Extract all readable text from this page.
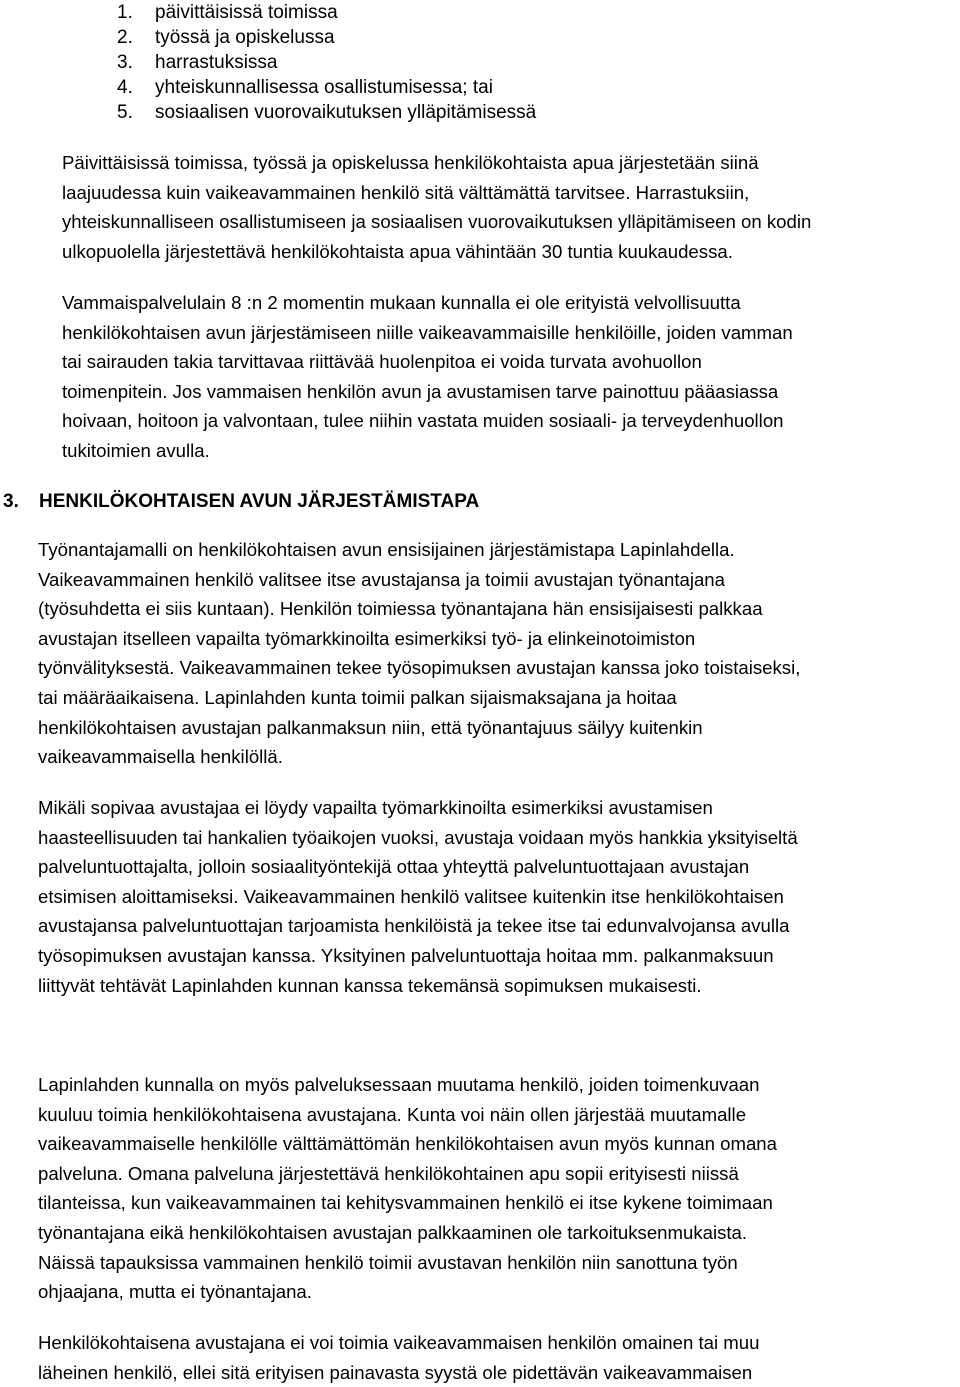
1. päivittäisissä toimissa
2. työssä ja opiskelussa
3. harrastuksissa
4. yhteiskunnallisessa osallistumisessa; tai
5. sosiaalisen vuorovaikutuksen ylläpitämisessä

Päivittäisissä toimissa, työssä ja opiskelussa henkilökohtaista apua järjestetään siinä
laajuudessa kuin vaikeavammainen henkilö sitä välttämättä tarvitsee. Harrastuksiin,
yhteiskunnalliseen osallistumiseen ja sosiaalisen vuorovaikutuksen ylläpitämiseen on kodin
ulkopuolella järjestettävä henkilökohtaista apua vähintään 30 tuntia kuukaudessa.

Vammaispalvelulain 8 :n 2 momentin mukaan kunnalla ei ole erityistä velvollisuutta
henkilökohtaisen avun järjestämiseen niille vaikeavammaisille henkilöille, joiden vamman
tai sairauden takia tarvittavaa riittävää huolenpitoa ei voida turvata avohuollon
toimenpitein. Jos vammaisen henkilön avun ja avustamisen tarve painottuu pääasiassa
hoivaan, hoitoon ja valvontaan, tulee niihin vastata muiden sosiaali- ja terveydenhuollon
tukitoimien avulla.

3. HENKILÖKOHTAISEN AVUN JÄRJESTÄMISTAPA

Työnantajamalli on henkilökohtaisen avun ensisijainen järjestämistapa Lapinlahdella.
Vaikeavammainen henkilö valitsee itse avustajansa ja toimii avustajan työnantajana
(työsuhdetta ei siis kuntaan). Henkilön toimiessa työnantajana hän ensisijaisesti palkkaa
avustajan itselleen vapailta työmarkkinoilta esimerkiksi työ- ja elinkeinotoimiston
työnvälityksestä. Vaikeavammainen tekee työsopimuksen avustajan kanssa joko toistaiseksi,
tai määräaikaisena. Lapinlahden kunta toimii palkan sijaismaksajana ja hoitaa
henkilökohtaisen avustajan palkanmaksun niin, että työnantajuus säilyy kuitenkin
vaikeavammaisella henkilöllä.

Mikäli sopivaa avustajaa ei löydy vapailta työmarkkinoilta esimerkiksi avustamisen
haasteellisuuden tai hankalien työaikojen vuoksi, avustaja voidaan myös hankkia yksityiseltä
palveluntuottajalta, jolloin sosiaalityöntekijä ottaa yhteyttä palveluntuottajaan avustajan
etsimisen aloittamiseksi. Vaikeavammainen henkilö valitsee kuitenkin itse henkilökohtaisen
avustajansa palveluntuottajan tarjoamista henkilöistä ja tekee itse tai edunvalvojansa avulla
työsopimuksen avustajan kanssa. Yksityinen palveluntuottaja hoitaa mm. palkanmaksuun
liittyvät tehtävät Lapinlahden kunnan kanssa tekemänsä sopimuksen mukaisesti.

Lapinlahden kunnalla on myös palveluksessaan muutama henkilö, joiden toimenkuvaan
kuuluu toimia henkilökohtaisena avustajana. Kunta voi näin ollen järjestää muutamalle
vaikeavammaiselle henkilölle välttämättömän henkilökohtaisen avun myös kunnan omana
palveluna. Omana palveluna järjestettävä henkilökohtainen apu sopii erityisesti niissä
tilanteissa, kun vaikeavammainen tai kehitysvammainen henkilö ei itse kykene toimimaan
työnantajana eikä henkilökohtaisen avustajan palkkaaminen ole tarkoituksenmukaista.
Näissä tapauksissa vammainen henkilö toimii avustavan henkilön niin sanottuna työn
ohjaajana, mutta ei työnantajana.

Henkilökohtaisena avustajana ei voi toimia vaikeavammaisen henkilön omainen tai muu
läheinen henkilö, ellei sitä erityisen painavasta syystä ole pidettävän vaikeavammaisen
